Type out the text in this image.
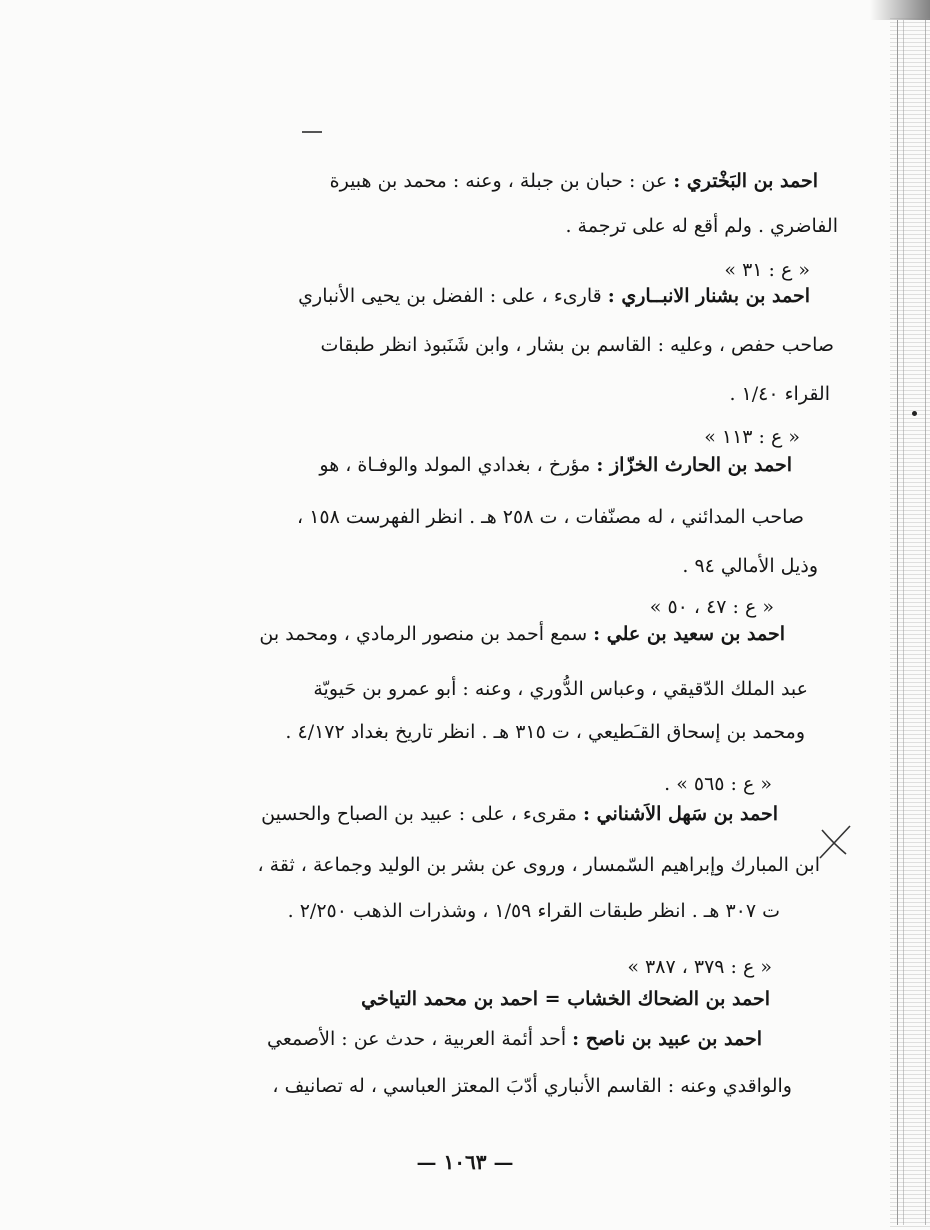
احمد بن البَخْتري : عن : حبان بن جبلة ، وعنه : محمد بن هبيرة
الفاضري . ولم أقع له على ترجمة .
« ع : ٣١ »
احمد بن بشنار الانبــاري : قارىء ، على : الفضل بن يحيى الأنباري
صاحب حفص ، وعليه : القاسم بن بشار ، وابن شَنَبوذ انظر طبقات
القراء ١/٤٠ .
« ع : ١١٣ »
احمد بن الحارث الخزّاز : مؤرخ ، بغدادي المولد والوفـاة ، هو
صاحب المدائني ، له مصنّفات ، ت ٢٥٨ هـ . انظر الفهرست ١٥٨ ،
وذيل الأمالي ٩٤ .
« ع : ٤٧ ، ٥٠ »
احمد بن سعيد بن علي : سمع أحمد بن منصور الرمادي ، ومحمد بن
عبد الملك الدّقيقي ، وعباس الدُّوري ، وعنه : أبو عمرو بن حَيويّة
ومحمد بن إسحاق القـَطيعي ، ت ٣١٥ هـ . انظر تاريخ بغداد ٤/١٧٢ .
« ع : ٥٦٥ » .
احمد بن سَهل الاَشناني : مقرىء ، على : عبيد بن الصباح والحسين
ابن المبارك وإبراهيم السّمسار ، وروى عن بشر بن الوليد وجماعة ، ثقة ،
ت ٣٠٧ هـ . انظر طبقات القراء ١/٥٩ ، وشذرات الذهب ٢/٢٥٠ .
« ع : ٣٧٩ ، ٣٨٧ »
احمد بن الضحاك الخشاب = احمد بن محمد التياخي
احمد بن عبيد بن ناصح : أحد أئمة العربية ، حدث عن : الأصمعي
والواقدي وعنه : القاسم الأنباري أدّبَ المعتز العباسي ، له تصانيف ،
— ١٠٦٣ —
